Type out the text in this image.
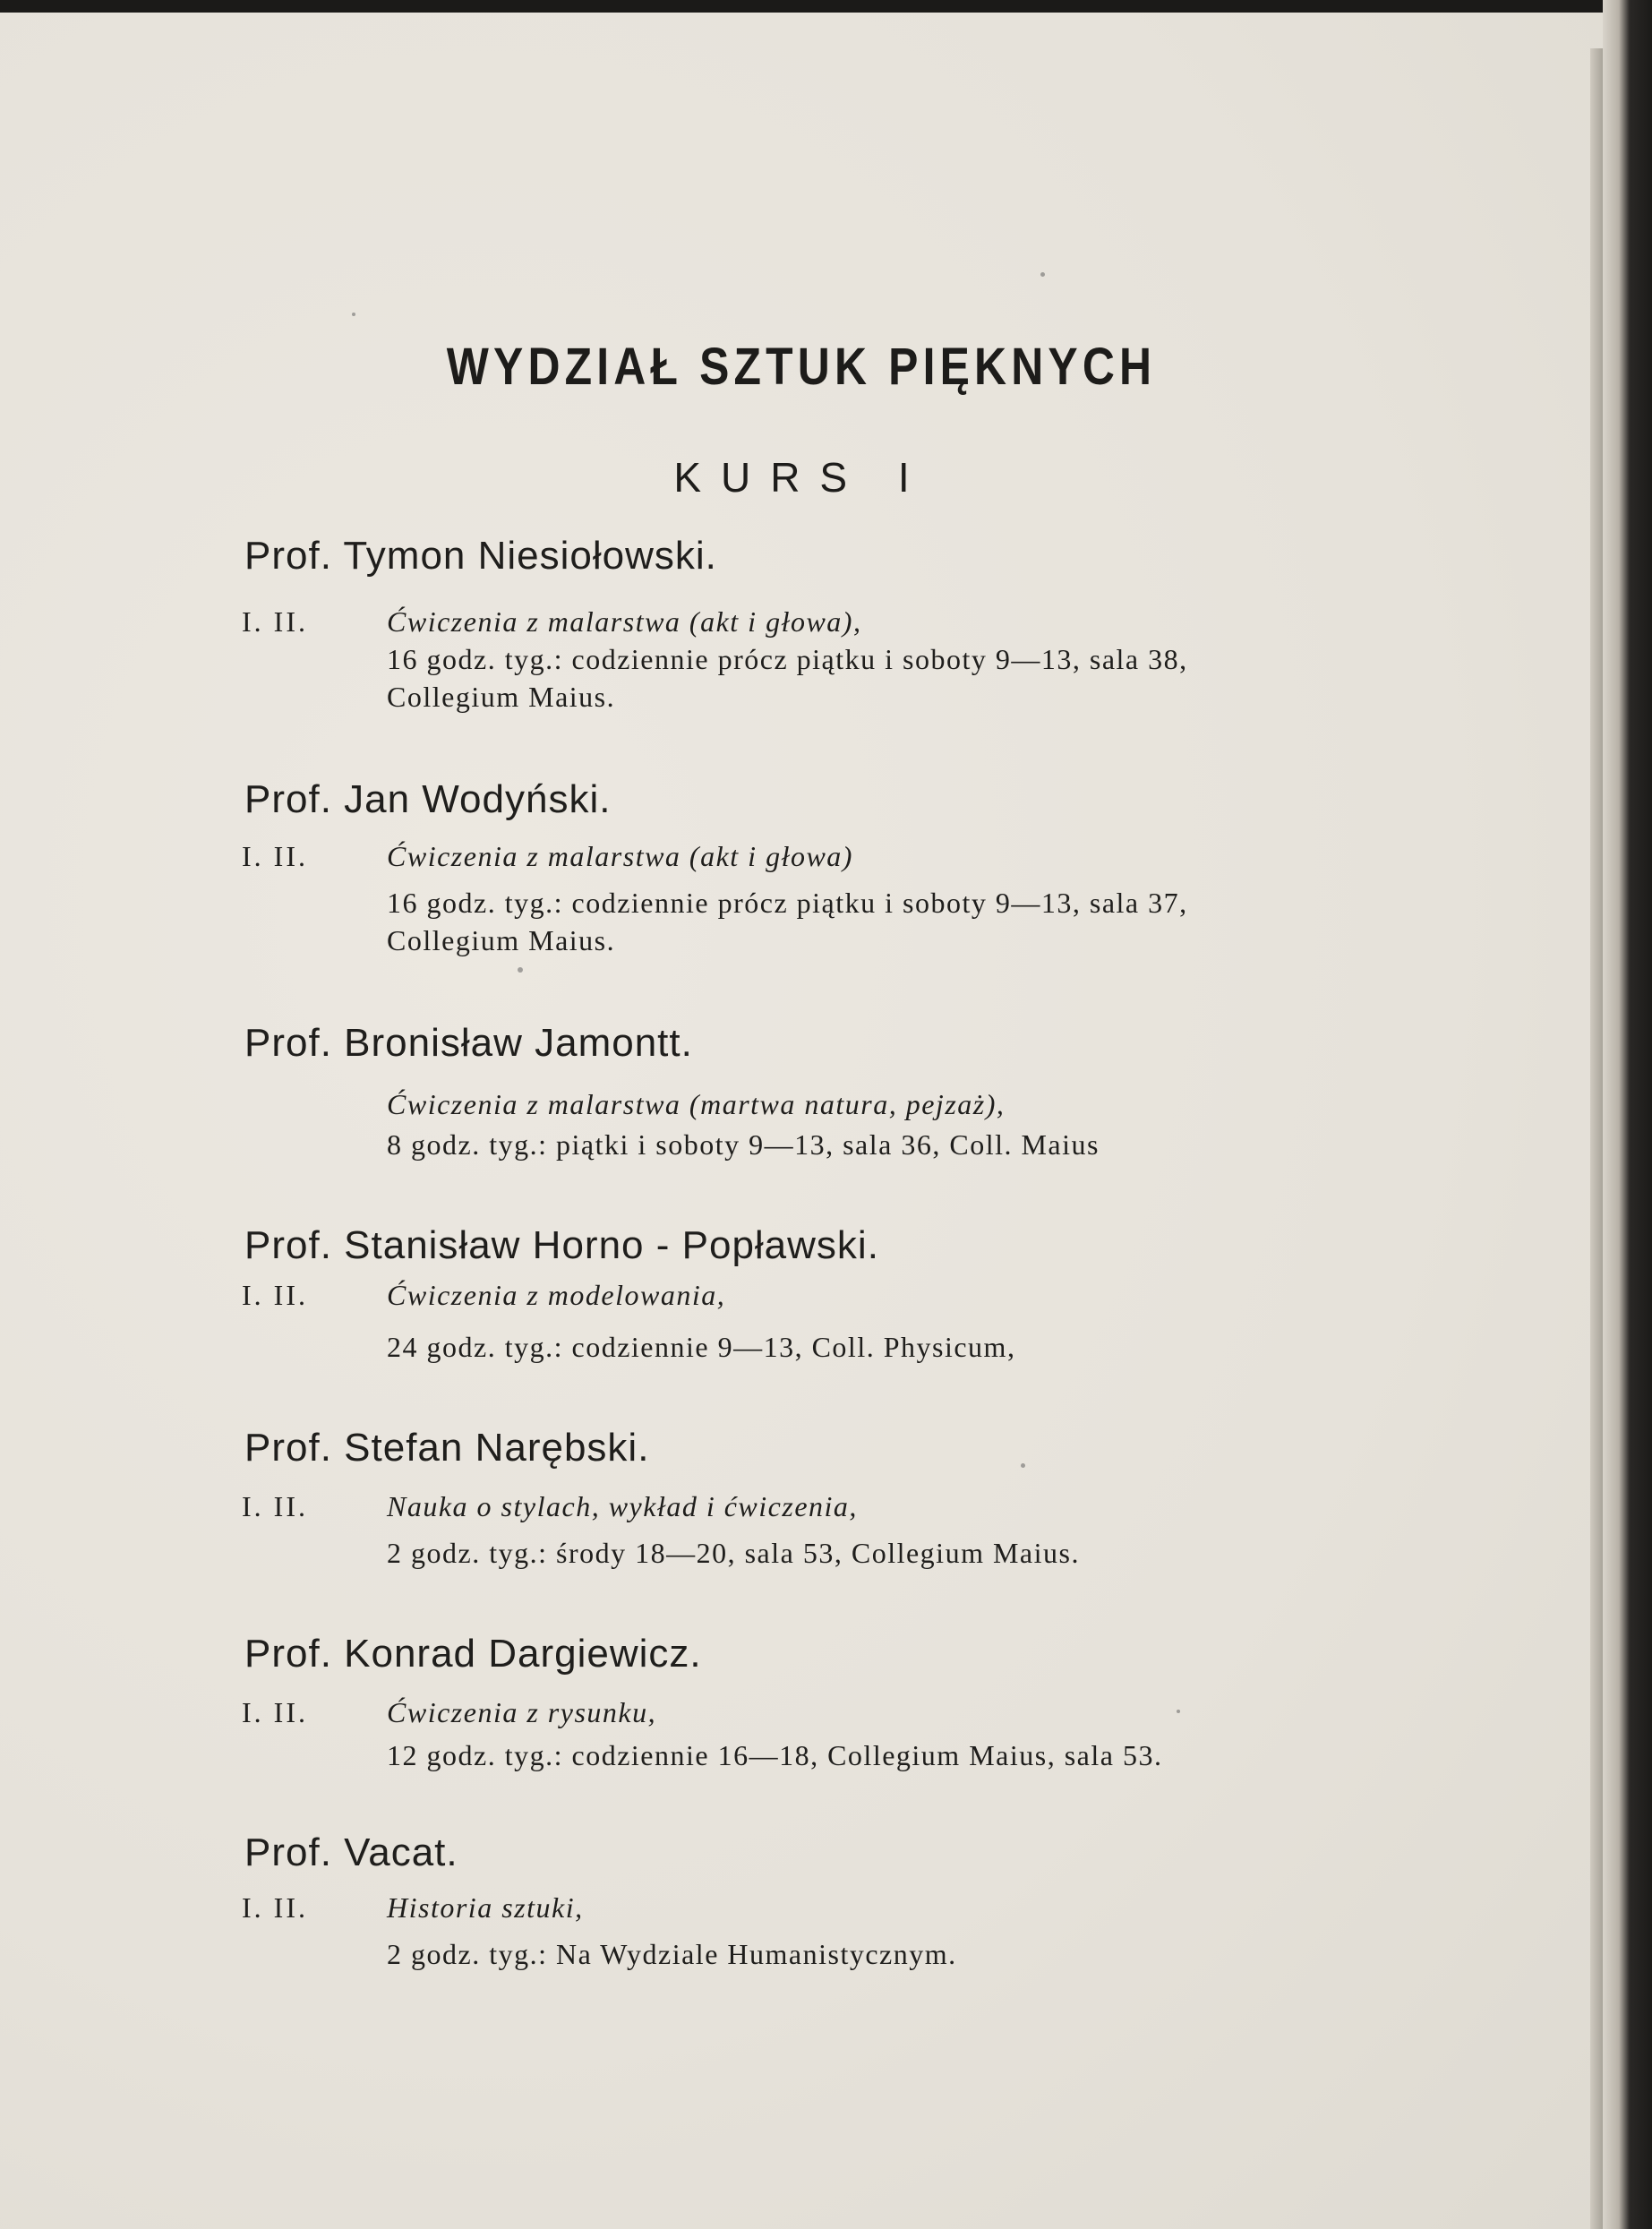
WYDZIAŁ SZTUK PIĘKNYCH
KURS I
Prof. Tymon Niesiołowski.
I. II.	Ćwiczenia z malarstwa (akt i głowa),
16 godz. tyg.: codziennie prócz piątku i soboty 9—13, sala 38,
Collegium Maius.
Prof. Jan Wodyński.
I. II.	Ćwiczenia z malarstwa (akt i głowa)
16 godz. tyg.: codziennie prócz piątku i soboty 9—13, sala 37,
Collegium Maius.
Prof. Bronisław Jamontt.
Ćwiczenia z malarstwa (martwa natura, pejzaż),
8 godz. tyg.: piątki i soboty 9—13, sala 36, Coll. Maius
Prof. Stanisław Horno - Popławski.
I. II.	Ćwiczenia z modelowania,
24 godz. tyg.: codziennie 9—13, Coll. Physicum,
Prof. Stefan Narębski.
I. II.	Nauka o stylach, wykład i ćwiczenia,
2 godz. tyg.: środy 18—20, sala 53, Collegium Maius.
Prof. Konrad Dargiewicz.
I. II.	Ćwiczenia z rysunku,
12 godz. tyg.: codziennie 16—18, Collegium Maius, sala 53.
Prof. Vacat.
I. II.	Historia sztuki,
2 godz. tyg.: Na Wydziale Humanistycznym.
